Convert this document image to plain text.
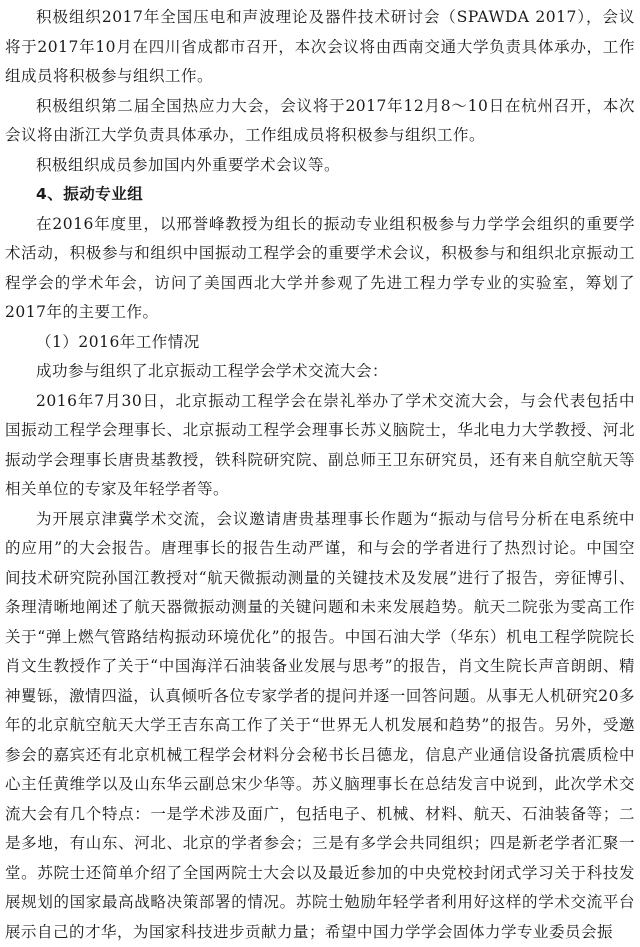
积极组织2017年全国压电和声波理论及器件技术研讨会（SPAWDA 2017），会议将于2017年10月在四川省成都市召开，本次会议将由西南交通大学负责具体承办，工作组成员将积极参与组织工作。

积极组织第二届全国热应力大会，会议将于2017年12月8～10日在杭州召开，本次会议将由浙江大学负责具体承办，工作组成员将积极参与组织工作。

积极组织成员参加国内外重要学术会议等。

4、振动专业组

在2016年度里，以邢誉峰教授为组长的振动专业组积极参与力学学会组织的重要学术活动，积极参与和组织中国振动工程学会的重要学术会议，积极参与和组织北京振动工程学会的学术年会，访问了美国西北大学并参观了先进工程力学专业的实验室，筹划了2017年的主要工作。

（1）2016年工作情况

成功参与组织了北京振动工程学会学术交流大会：

2016年7月30日，北京振动工程学会在崇礼举办了学术交流大会，与会代表包括中国振动工程学会理事长、北京振动工程学会理事长苏义脑院士，华北电力大学教授、河北振动学会理事长唐贵基教授，铁科院研究院、副总师王卫东研究员，还有来自航空航天等相关单位的专家及年轻学者等。

为开展京津冀学术交流，会议邀请唐贵基理事长作题为“振动与信号分析在电系统中的应用”的大会报告。唐理事长的报告生动严谨，和与会的学者进行了热烈讨论。中国空间技术研究院孙国江教授对“航天微振动测量的关键技术及发展”进行了报告，旁征博引、条理清晰地阐述了航天器微振动测量的关键问题和未来发展趋势。航天二院张为雯高工作关于“弹上燃气管路结构振动环境优化”的报告。中国石油大学（华东）机电工程学院院长肖文生教授作了关于“中国海洋石油装备业发展与思考”的报告，肖文生院长声音朗朗、精神矍铄，激情四溢，认真倾听各位专家学者的提问并逐一回答问题。从事无人机研究20多年的北京航空航天大学王吉东高工作了关于“世界无人机发展和趋势”的报告。另外，受邀参会的嘉宾还有北京机械工程学会材料分会秘书长吕德龙，信息产业通信设备抗震质检中心主任黄维学以及山东华云副总宋少华等。苏义脑理事长在总结发言中说到，此次学术交流大会有几个特点：一是学术涉及面广，包括电子、机械、材料、航天、石油装备等；二是多地，有山东、河北、北京的学者参会；三是有多学会共同组织；四是新老学者汇聚一堂。苏院士还简单介绍了全国两院士大会以及最近参加的中央党校封闭式学习关于科技发展规划的国家最高战略决策部署的情况。苏院士勉励年轻学者利用好这样的学术交流平台展示自己的才华，为国家科技进步贡献力量；希望中国力学学会固体力学专业委员会振
